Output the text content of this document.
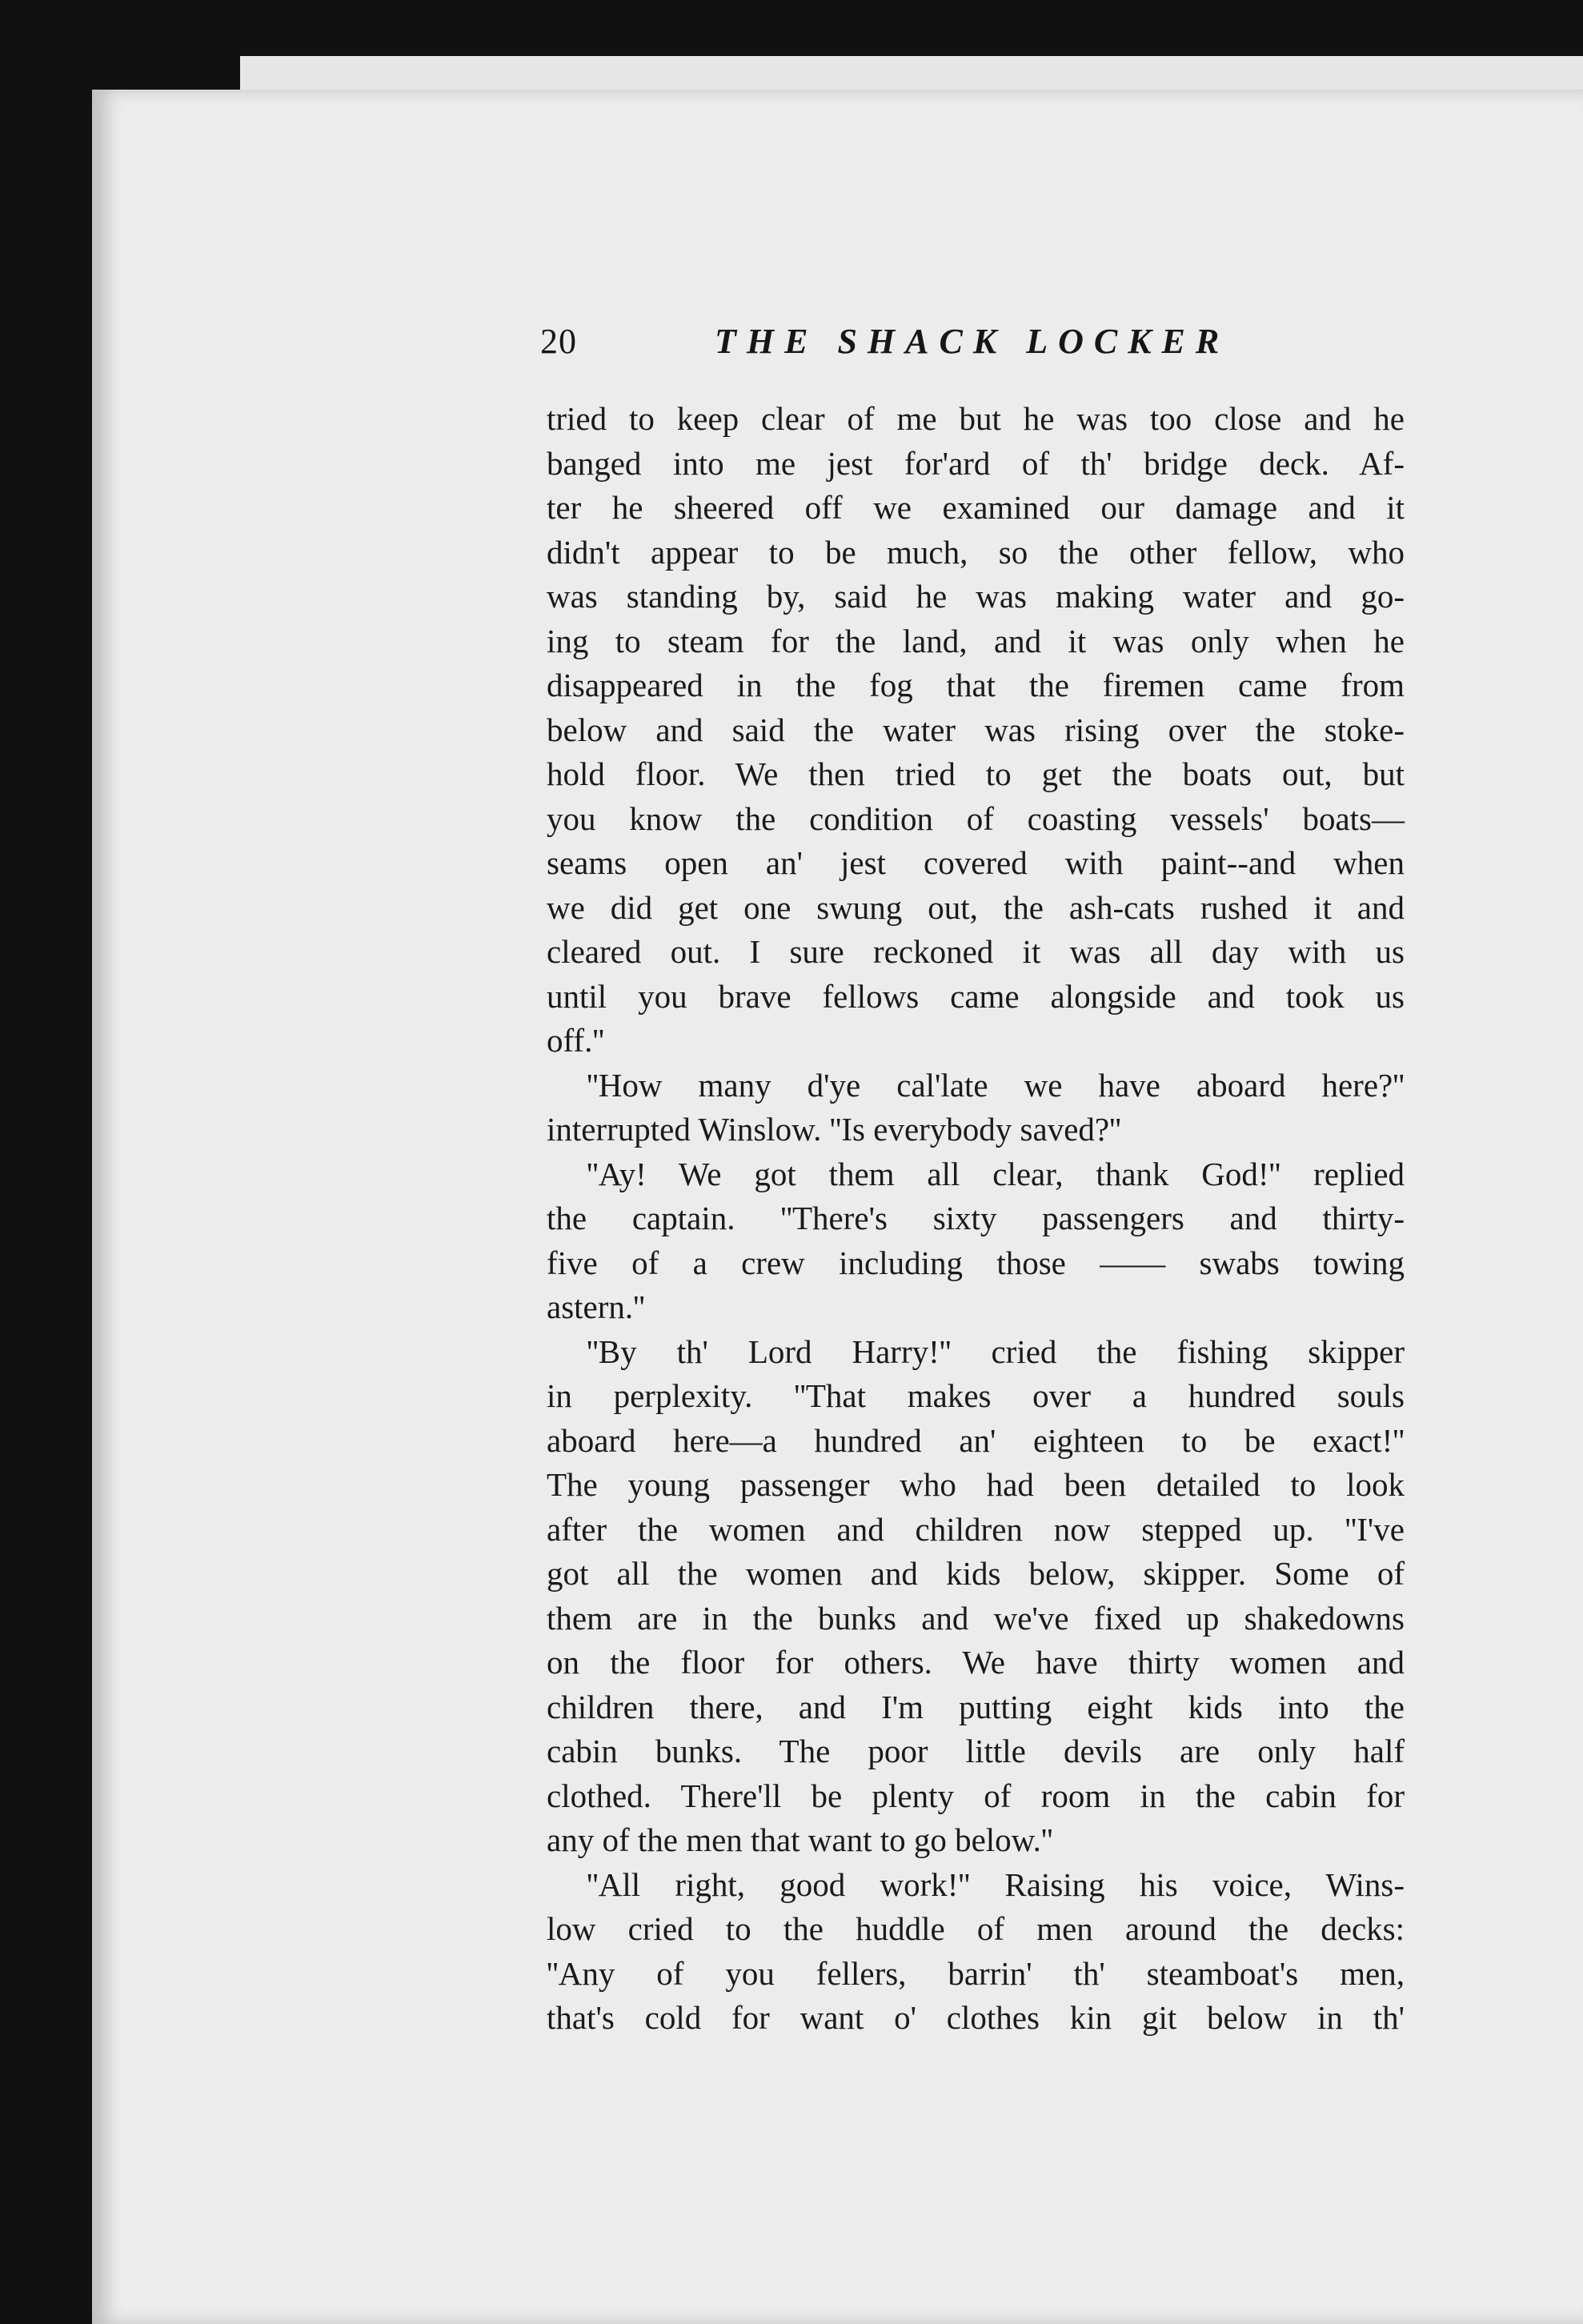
20	THE SHACK LOCKER
tried to keep clear of me but he was too close and he
banged into me jest for'ard of th' bridge deck. Af-
ter he sheered off we examined our damage and it
didn't appear to be much, so the other fellow, who
was standing by, said he was making water and go-
ing to steam for the land, and it was only when he
disappeared in the fog that the firemen came from
below and said the water was rising over the stoke-
hold floor. We then tried to get the boats out, but
you know the condition of coasting vessels' boats—
seams open an' jest covered with paint--and when
we did get one swung out, the ash-cats rushed it and
cleared out. I sure reckoned it was all day with us
until you brave fellows came alongside and took us
off.''
''How many d'ye cal'late we have aboard here?''
interrupted Winslow. ''Is everybody saved?''
''Ay! We got them all clear, thank God!'' replied
the captain. ''There's sixty passengers and thirty-
five of a crew including those —— swabs towing
astern.''
''By th' Lord Harry!'' cried the fishing skipper
in perplexity. ''That makes over a hundred souls
aboard here—a hundred an' eighteen to be exact!''
The young passenger who had been detailed to look
after the women and children now stepped up. ''I've
got all the women and kids below, skipper. Some of
them are in the bunks and we've fixed up shakedowns
on the floor for others. We have thirty women and
children there, and I'm putting eight kids into the
cabin bunks. The poor little devils are only half
clothed. There'll be plenty of room in the cabin for
any of the men that want to go below.''
''All right, good work!'' Raising his voice, Wins-
low cried to the huddle of men around the decks:
''Any of you fellers, barrin' th' steamboat's men,
that's cold for want o' clothes kin git below in th'
